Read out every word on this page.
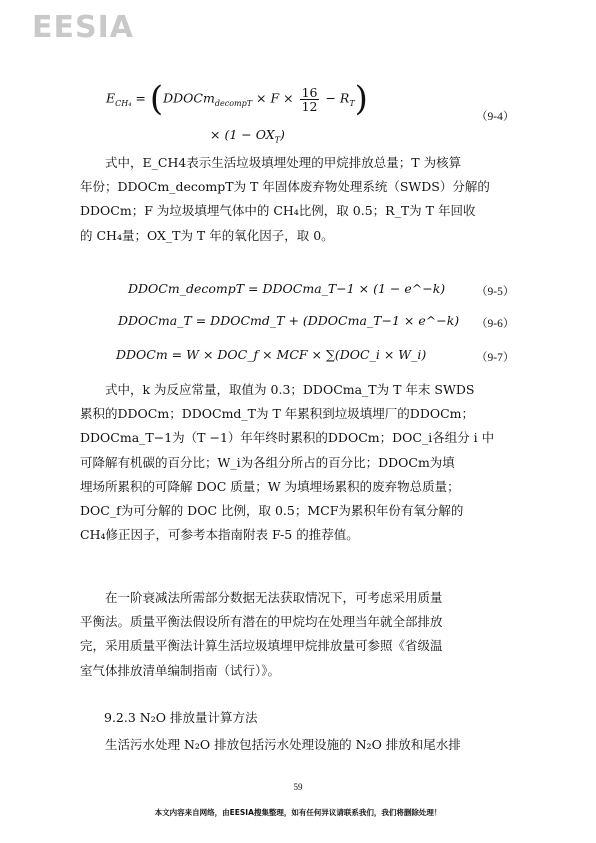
EESIA
$E_{CH_4}$ = (DDOCm$_{decompT}$ × $F \times \frac{16}{12} - R_T$)
× $(1 - OX_T)$
（9-4）

式中，E_CH4表示生活垃圾填埋处理的甲烷排放总量；T 为核算

年份；DDOCm_decompT为 T 年固体废弃物处理系统（SWDS）分解的

DDOCm；F 为垃圾填埋气体中的 CH₄比例，取 0.5；R_T为 T 年回收

的 CH₄量；OX_T为 T 年的氧化因子，取 0。

DDOCm_decompT = DDOCma_T−1 × (1 − e^−k)	（9-5）
DDOCma_T = DDOCmd_T + (DDOCma_T−1 × e^−k) （9-6）
DDOCm = W × DOC_f × MCF × ∑(DOC_i × W_i)	（9-7）

式中，k 为反应常量，取值为 0.3；DDOCma_T为 T 年末 SWDS

累积的DDOCm；DDOCmd_T为 T 年累积到垃圾填埋厂的DDOCm；

DDOCma_T−1为（T −1）年年终时累积的DDOCm；DOC_i各组分 i 中

可降解有机碳的百分比；W_i为各组分所占的百分比；DDOCm为填

埋场所累积的可降解 DOC 质量；W 为填埋场累积的废弃物总质量；

DOC_f为可分解的 DOC 比例，取 0.5；MCF为累积年份有氧分解的

CH₄修正因子，可参考本指南附表 F-5 的推荐值。

在一阶衰减法所需部分数据无法获取情况下，可考虑采用质量

平衡法。质量平衡法假设所有潜在的甲烷均在处理当年就全部排放

完，采用质量平衡法计算生活垃圾填埋甲烷排放量可参照《省级温

室气体排放清单编制指南（试行）》。

9.2.3 N₂O 排放量计算方法

生活污水处理 N₂O 排放包括污水处理设施的 N₂O 排放和尾水排

59
本文内容来自网络，由EESIA搜集整理，如有任何异议请联系我们，我们将删除处理！
